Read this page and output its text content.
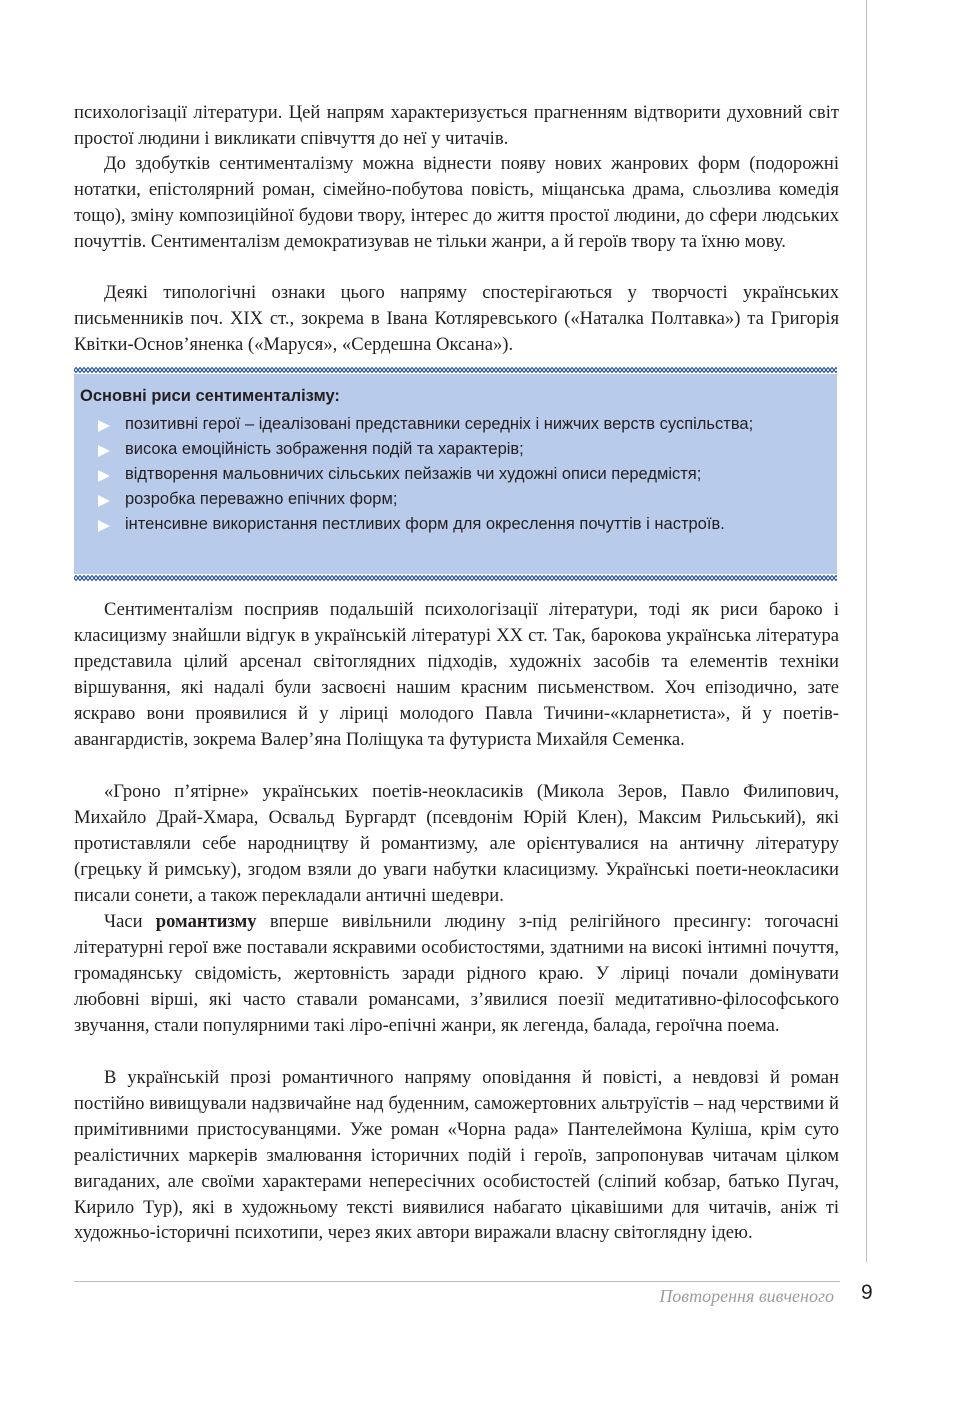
психологізації літератури. Цей напрям характеризується прагненням відтворити духовний світ простої людини і викликати співчуття до неї у читачів.

До здобутків сентименталізму можна віднести появу нових жанрових форм (подорожні нотатки, епістолярний роман, сімейно-побутова повість, міщанська драма, сльозлива комедія тощо), зміну композиційної будови твору, інтерес до життя простої людини, до сфери людських почуттів. Сентименталізм демократизував не тільки жанри, а й героїв твору та їхню мову.

Деякі типологічні ознаки цього напряму спостерігаються у творчості українських письменників поч. ХІХ ст., зокрема в Івана Котляревського («Наталка Полтавка») та Григорія Квітки-Основ’яненка («Маруся», «Сердешна Оксана»).

Основні риси сентименталізму:

позитивні герої – ідеалізовані представники середніх і нижчих верств суспільства;
висока емоційність зображення подій та характерів;
відтворення мальовничих сільських пейзажів чи художні описи передмістя;
розробка переважно епічних форм;
інтенсивне використання пестливих форм для окреслення почуттів і настроїв.

Сентименталізм посприяв подальшій психологізації літератури, тоді як риси бароко і класицизму знайшли відгук в українській літературі ХХ ст. Так, барокова українська література представила цілий арсенал світоглядних підходів, художніх засобів та елементів техніки віршування, які надалі були засвоєні нашим красним письменством. Хоч епізодично, зате яскраво вони проявилися й у ліриці молодого Павла Тичини-«кларнетиста», й у поетів-авангардистів, зокрема Валер’яна Поліщука та футуриста Михайля Семенка.

«Гроно п’ятірне» українських поетів-неокласиків (Микола Зеров, Павло Филипович, Михайло Драй-Хмара, Освальд Бургардт (псевдонім Юрій Клен), Максим Рильський), які протиставляли себе народництву й романтизму, але орієнтувалися на античну літературу (грецьку й римську), згодом взяли до уваги набутки класицизму. Українські поети-неокласики писали сонети, а також перекладали античні шедеври.

Часи романтизму вперше вивільнили людину з-під релігійного пресингу: тогочасні літературні герої вже поставали яскравими особистостями, здатними на високі інтимні почуття, громадянську свідомість, жертовність заради рідного краю. У ліриці почали домінувати любовні вірші, які часто ставали романсами, з’явилися поезії медитативно-філософського звучання, стали популярними такі ліро-епічні жанри, як легенда, балада, героїчна поема.

В українській прозі романтичного напряму оповідання й повісті, а невдовзі й роман постійно вивищували надзвичайне над буденним, саможертовних альтруїстів – над черствими й примітивними пристосуванцями. Уже роман «Чорна рада» Пантелеймона Куліша, крім суто реалістичних маркерів змалювання історичних подій і героїв, запропонував читачам цілком вигаданих, але своїми характерами непересічних особистостей (сліпий кобзар, батько Пугач, Кирило Тур), які в художньому тексті виявилися набагато цікавішими для читачів, аніж ті художньо-історичні психотипи, через яких автори виражали власну світоглядну ідею.

Повторення вивченого 9
